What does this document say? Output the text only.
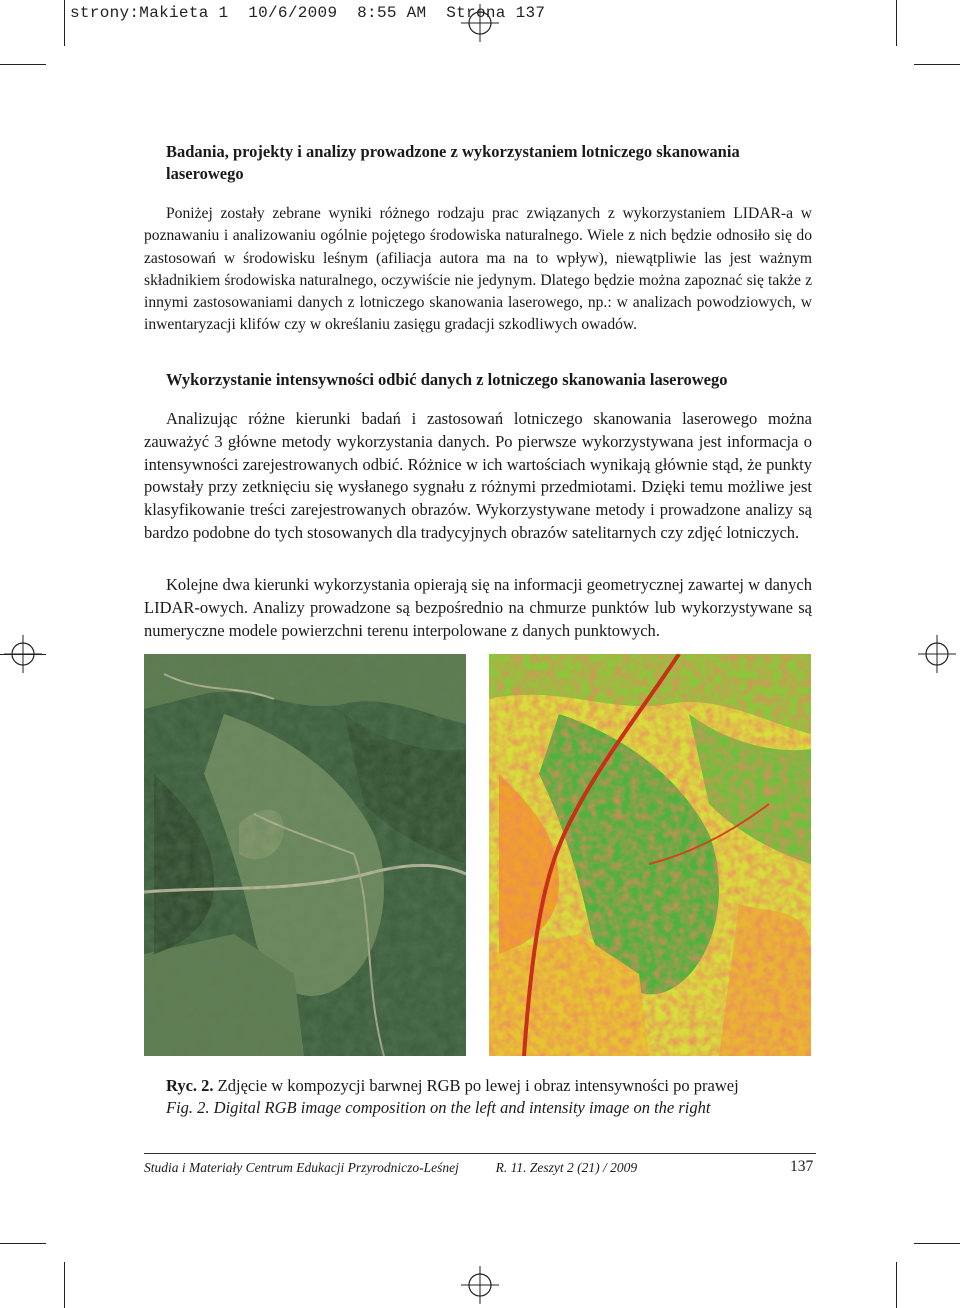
strony:Makieta 1  10/6/2009  8:55 AM  Strona 137
Badania, projekty i analizy prowadzone z wykorzystaniem lotniczego skanowania laserowego

Poniżej zostały zebrane wyniki różnego rodzaju prac związanych z wykorzystaniem LIDAR-a w poznawaniu i analizowaniu ogólnie pojętego środowiska naturalnego. Wiele z nich będzie odnosiło się do zastosowań w środowisku leśnym (afiliacja autora ma na to wpływ), niewątpliwie las jest ważnym składnikiem środowiska naturalnego, oczywiście nie jedynym. Dlatego będzie można zapoznać się także z innymi zastosowaniami danych z lotniczego skanowania laserowego, np.: w analizach powodziowych, w inwentaryzacji klifów czy w określaniu zasięgu gradacji szkodliwych owadów.

Wykorzystanie intensywności odbić danych z lotniczego skanowania laserowego

Analizując różne kierunki badań i zastosowań lotniczego skanowania laserowego można zauważyć 3 główne metody wykorzystania danych. Po pierwsze wykorzystywana jest informacja o intensywności zarejestrowanych odbić. Różnice w ich wartościach wynikają głównie stąd, że punkty powstały przy zetknięciu się wysłanego sygnału z różnymi przedmiotami. Dzięki temu możliwe jest klasyfikowanie treści zarejestrowanych obrazów. Wykorzystywane metody i prowadzone analizy są bardzo podobne do tych stosowanych dla tradycyjnych obrazów satelitarnych czy zdjęć lotniczych.

Kolejne dwa kierunki wykorzystania opierają się na informacji geometrycznej zawartej w danych LIDAR-owych. Analizy prowadzone są bezpośrednio na chmurze punktów lub wykorzystywane są numeryczne modele powierzchni terenu interpolowane z danych punktowych.

Ryc. 2. Zdjęcie w kompozycji barwnej RGB po lewej i obraz intensywności po prawej
Fig. 2. Digital RGB image composition on the left and intensity image on the right
Studia i Materiały Centrum Edukacji Przyrodniczo-Leśnej	R. 11. Zeszyt 2 (21) / 2009	137
